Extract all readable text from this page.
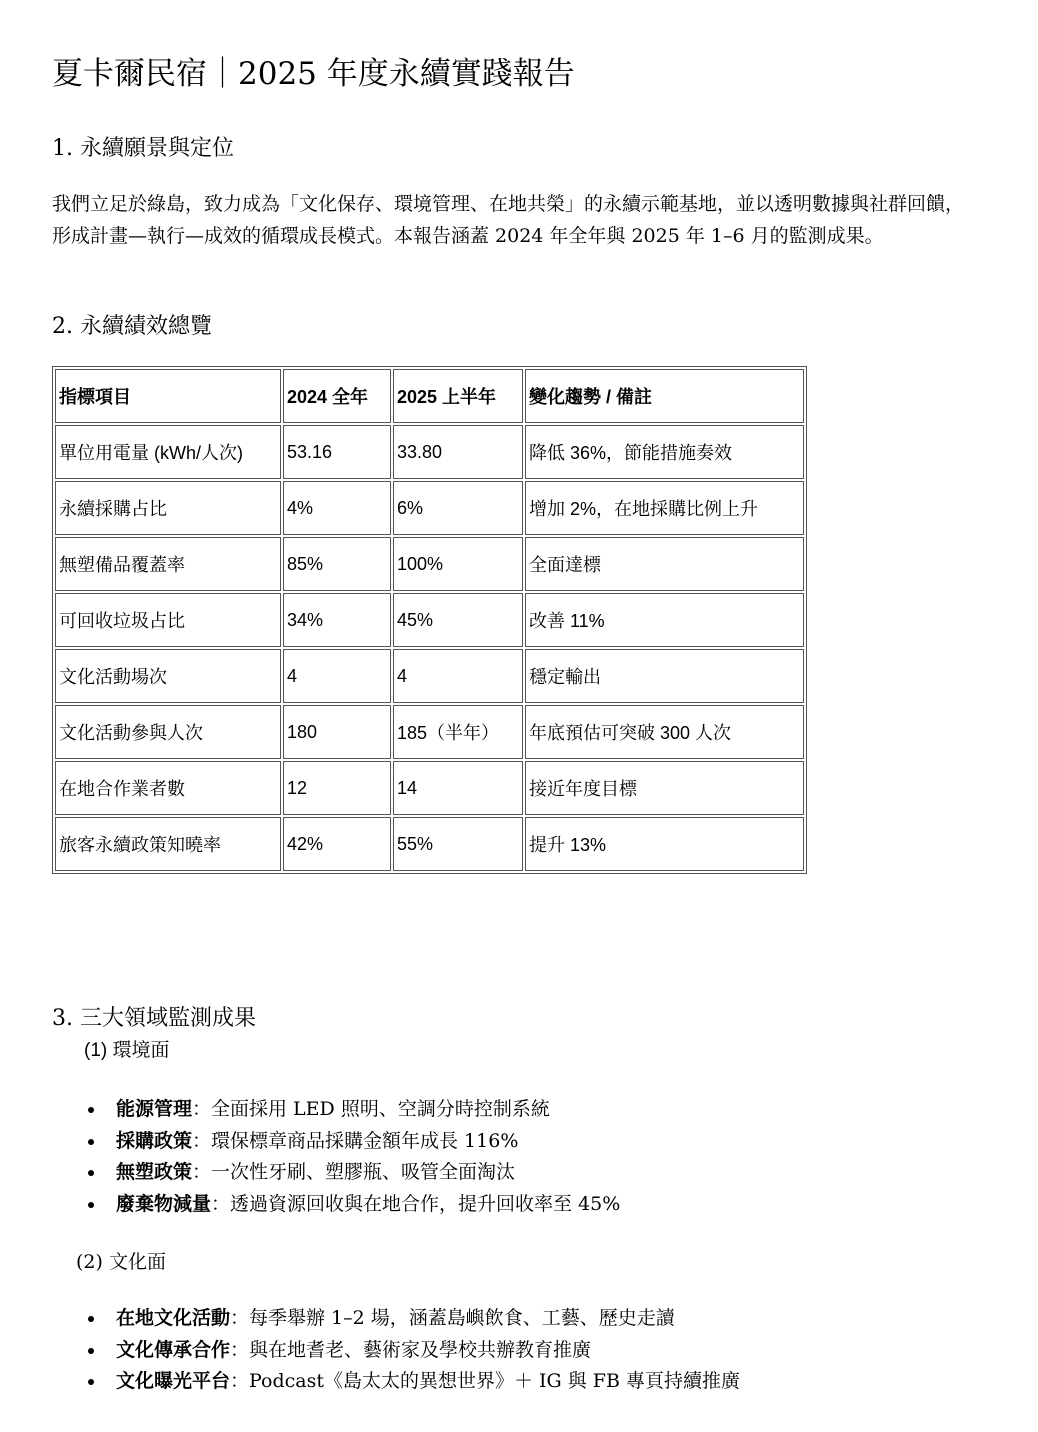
夏卡爾民宿｜2025 年度永續實踐報告
1. 永續願景與定位

我們立足於綠島，致力成為「文化保存、環境管理、在地共榮」的永續示範基地，並以透明數據與社群回饋，形成計畫—執行—成效的循環成長模式。本報告涵蓋 2024 年全年與 2025 年 1–6 月的監測成果。

2. 永續績效總覽
指標項目	2024 全年	2025 上半年	變化趨勢 / 備註
單位用電量 (kWh/人次)	53.16	33.80	降低 36%，節能措施奏效
永續採購占比	4%	6%	增加 2%，在地採購比例上升
無塑備品覆蓋率	85%	100%	全面達標
可回收垃圾占比	34%	45%	改善 11%
文化活動場次	4	4	穩定輸出
文化活動參與人次	180	185（半年）	年底預估可突破 300 人次
在地合作業者數	12	14	接近年度目標
旅客永續政策知曉率	42%	55%	提升 13%
3. 三大領域監測成果
(1) 環境面
能源管理：全面採用 LED 照明、空調分時控制系統
採購政策：環保標章商品採購金額年成長 116%
無塑政策：一次性牙刷、塑膠瓶、吸管全面淘汰
廢棄物減量：透過資源回收與在地合作，提升回收率至 45%
(2) 文化面
在地文化活動：每季舉辦 1–2 場，涵蓋島嶼飲食、工藝、歷史走讀
文化傳承合作：與在地耆老、藝術家及學校共辦教育推廣
文化曝光平台：Podcast《島太太的異想世界》＋ IG 與 FB 專頁持續推廣
